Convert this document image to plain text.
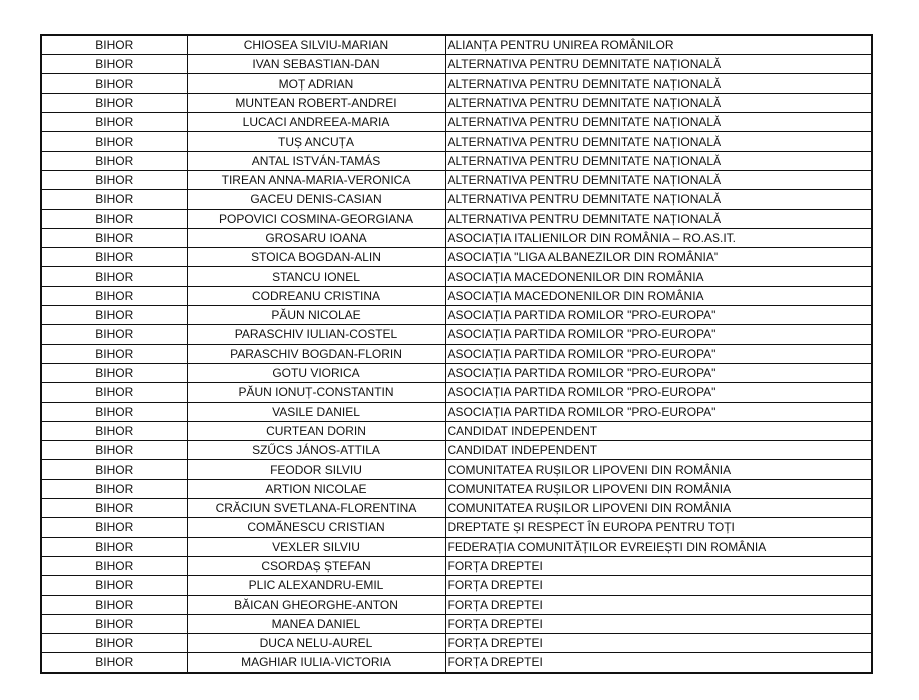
BIHOR	CHIOSEA SILVIU-MARIAN	ALIANȚA PENTRU UNIREA ROMÂNILOR
BIHOR	IVAN SEBASTIAN-DAN	ALTERNATIVA PENTRU DEMNITATE NAȚIONALĂ
BIHOR	MOȚ ADRIAN	ALTERNATIVA PENTRU DEMNITATE NAȚIONALĂ
BIHOR	MUNTEAN ROBERT-ANDREI	ALTERNATIVA PENTRU DEMNITATE NAȚIONALĂ
BIHOR	LUCACI ANDREEA-MARIA	ALTERNATIVA PENTRU DEMNITATE NAȚIONALĂ
BIHOR	TUȘ ANCUȚA	ALTERNATIVA PENTRU DEMNITATE NAȚIONALĂ
BIHOR	ANTAL ISTVÁN-TAMÁS	ALTERNATIVA PENTRU DEMNITATE NAȚIONALĂ
BIHOR	TIREAN ANNA-MARIA-VERONICA	ALTERNATIVA PENTRU DEMNITATE NAȚIONALĂ
BIHOR	GACEU DENIS-CASIAN	ALTERNATIVA PENTRU DEMNITATE NAȚIONALĂ
BIHOR	POPOVICI COSMINA-GEORGIANA	ALTERNATIVA PENTRU DEMNITATE NAȚIONALĂ
BIHOR	GROSARU IOANA	ASOCIAȚIA ITALIENILOR DIN ROMÂNIA – RO.AS.IT.
BIHOR	STOICA BOGDAN-ALIN	ASOCIAȚIA "LIGA ALBANEZILOR DIN ROMÂNIA"
BIHOR	STANCU IONEL	ASOCIAȚIA MACEDONENILOR DIN ROMÂNIA
BIHOR	CODREANU CRISTINA	ASOCIAȚIA MACEDONENILOR DIN ROMÂNIA
BIHOR	PĂUN NICOLAE	ASOCIAȚIA PARTIDA ROMILOR "PRO-EUROPA"
BIHOR	PARASCHIV IULIAN-COSTEL	ASOCIAȚIA PARTIDA ROMILOR "PRO-EUROPA"
BIHOR	PARASCHIV BOGDAN-FLORIN	ASOCIAȚIA PARTIDA ROMILOR "PRO-EUROPA"
BIHOR	GOTU VIORICA	ASOCIAȚIA PARTIDA ROMILOR "PRO-EUROPA"
BIHOR	PĂUN IONUȚ-CONSTANTIN	ASOCIAȚIA PARTIDA ROMILOR "PRO-EUROPA"
BIHOR	VASILE DANIEL	ASOCIAȚIA PARTIDA ROMILOR "PRO-EUROPA"
BIHOR	CURTEAN DORIN	CANDIDAT INDEPENDENT
BIHOR	SZŰCS JÁNOS-ATTILA	CANDIDAT INDEPENDENT
BIHOR	FEODOR SILVIU	COMUNITATEA RUȘILOR LIPOVENI DIN ROMÂNIA
BIHOR	ARTION NICOLAE	COMUNITATEA RUȘILOR LIPOVENI DIN ROMÂNIA
BIHOR	CRĂCIUN SVETLANA-FLORENTINA	COMUNITATEA RUȘILOR LIPOVENI DIN ROMÂNIA
BIHOR	COMĂNESCU CRISTIAN	DREPTATE ȘI RESPECT ÎN EUROPA PENTRU TOȚI
BIHOR	VEXLER SILVIU	FEDERAȚIA COMUNITĂȚILOR EVREIEȘTI DIN ROMÂNIA
BIHOR	CSORDAȘ ȘTEFAN	FORȚA DREPTEI
BIHOR	PLIC ALEXANDRU-EMIL	FORȚA DREPTEI
BIHOR	BĂICAN GHEORGHE-ANTON	FORȚA DREPTEI
BIHOR	MANEA DANIEL	FORȚA DREPTEI
BIHOR	DUCA NELU-AUREL	FORȚA DREPTEI
BIHOR	MAGHIAR IULIA-VICTORIA	FORȚA DREPTEI
